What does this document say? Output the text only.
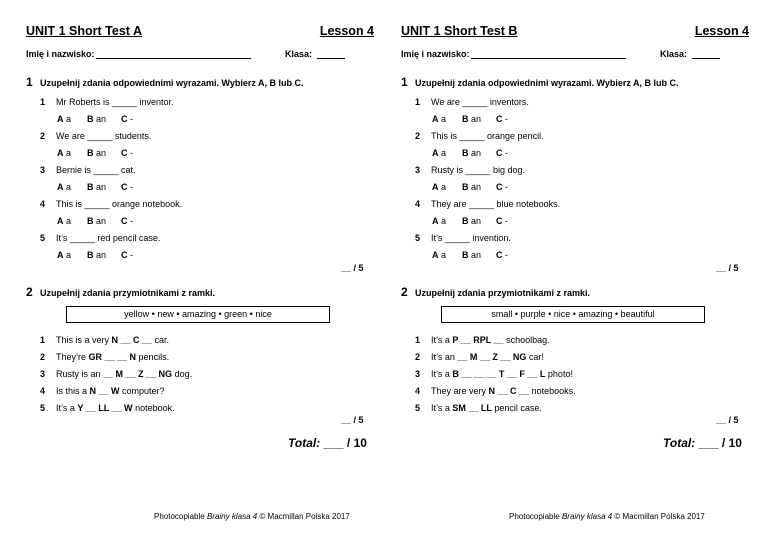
UNIT 1 Short Test A	Lesson 4
Imię i nazwisko:	Klasa:
1 Uzupełnij zdania odpowiednimi wyrazami. Wybierz A, B lub C.
1 Mr Roberts is _____ inventor.
A a B an C -
2 We are _____ students.
A a B an C -
3 Bernie is _____ cat.
A a B an C -
4 This is _____ orange notebook.
A a B an C -
5 It’s _____ red pencil case.
A a B an C -
__ / 5
2 Uzupełnij zdania przymiotnikami z ramki.
yellow • new • amazing • green • nice
1 This is a very N __ C __ car.
2 They’re GR __ __ N pencils.
3 Rusty is an __ M __ Z __ NG dog.
4 Is this a N __ W computer?
5 It’s a Y __ LL __ W notebook.
__ / 5
Total: ___ / 10
Photocopiable Brainy klasa 4 © Macmillan Polska 2017
UNIT 1 Short Test B	Lesson 4
Imię i nazwisko:	Klasa:
1 Uzupełnij zdania odpowiednimi wyrazami. Wybierz A, B lub C.
1 We are _____ inventors.
A a B an C -
2 This is _____ orange pencil.
A a B an C -
3 Rusty is _____ big dog.
A a B an C -
4 They are _____ blue notebooks.
A a B an C -
5 It’s _____ invention.
A a B an C -
__ / 5
2 Uzupełnij zdania przymiotnikami z ramki.
small • purple • nice • amazing • beautiful
1 It’s a P __ RPL __ schoolbag.
2 It’s an __ M __ Z __ NG car!
3 It’s a B __ __ __ T __ F __ L photo!
4 They are very N __ C __ notebooks.
5 It’s a SM __ LL pencil case.
__ / 5
Total: ___ / 10
Photocopiable Brainy klasa 4 © Macmillan Polska 2017
